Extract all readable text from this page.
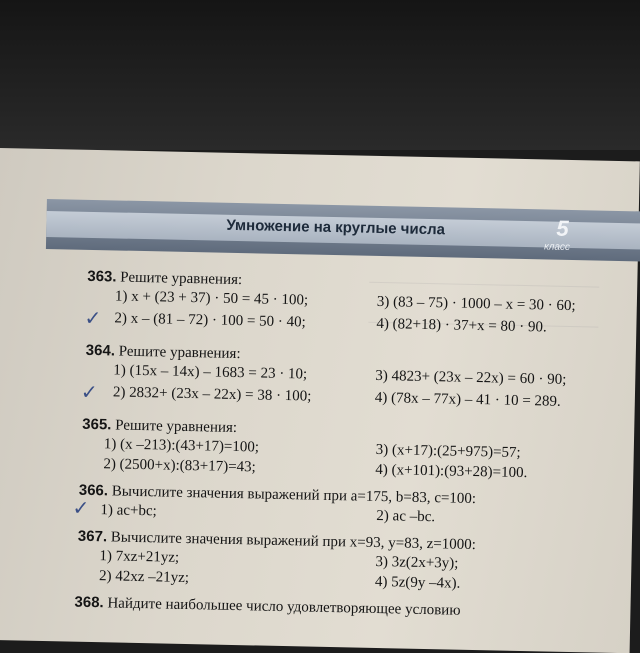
Умножение на круглые числа	5
класс
363. Решите уравнения:
1) x + (23 + 37) · 50 = 45 · 100;
2) x – (81 – 72) · 100 = 50 · 40;
3) (83 – 75) · 1000 – x = 30 · 60;
4) (82+18) · 37+x = 80 · 90.
✓
364. Решите уравнения:
1) (15x – 14x) – 1683 = 23 · 10;
2) 2832+ (23x – 22x) = 38 · 100;
3) 4823+ (23x – 22x) = 60 · 90;
4) (78x – 77x) – 41 · 10 = 289.
✓
365. Решите уравнения:
1) (x –213):(43+17)=100;
2) (2500+x):(83+17)=43;
3) (x+17):(25+975)=57;
4) (x+101):(93+28)=100.
366. Вычислите значения выражений при a=175, b=83, c=100:
1) ac+bc;	2) ac –bc.
✓
367. Вычислите значения выражений при x=93, y=83, z=1000:
1) 7xz+21yz;
2) 42xz –21yz;
3) 3z(2x+3y);
4) 5z(9y –4x).
368. Найдите наибольшее число удовлетворяющее условию
